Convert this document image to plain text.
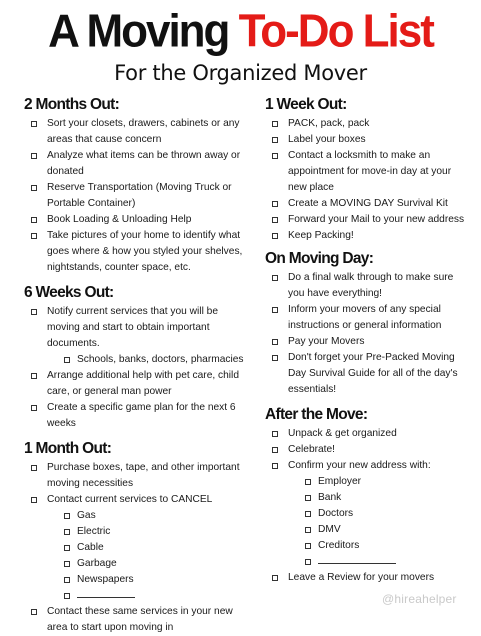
A Moving To-Do List
For the Organized Mover
2 Months Out:
Sort your closets, drawers, cabinets or any areas that cause concern
Analyze what items can be thrown away or donated
Reserve Transportation (Moving Truck or Portable Container)
Book Loading & Unloading Help
Take pictures of your home to identify what goes where & how you styled your shelves, nightstands, counter space, etc.
6 Weeks Out:
Notify current services that you will be moving and start to obtain important documents.
Schools, banks, doctors, pharmacies
Arrange additional help with pet care, child care, or general man power
Create a specific game plan for the next 6 weeks
1 Month Out:
Purchase boxes, tape, and other important moving necessities
Contact current services to CANCEL
Gas
Electric
Cable
Garbage
Newspapers
Contact these same services in your new area to start upon moving in
1 Week Out:
PACK, pack, pack
Label your boxes
Contact a locksmith to make an appointment for move-in day at your new place
Create a MOVING DAY Survival Kit
Forward your Mail to your new address
Keep Packing!
On Moving Day:
Do a final walk through to make sure you have everything!
Inform your movers of any special instructions or general information
Pay your Movers
Don't forget your Pre-Packed Moving Day Survival Guide for all of the day's essentials!
After the Move:
Unpack & get organized
Celebrate!
Confirm your new address with:
Employer
Bank
Doctors
DMV
Creditors
Leave a Review for your movers
@hireahelper
